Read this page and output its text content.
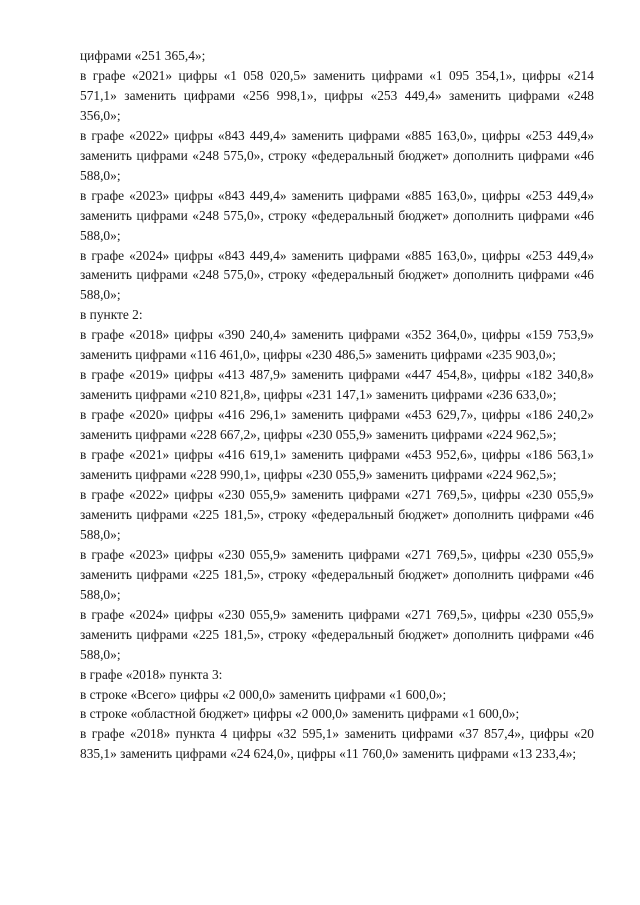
цифрами «251 365,4»;

в графе «2021» цифры «1 058 020,5» заменить цифрами «1 095 354,1», цифры «214 571,1» заменить цифрами «256 998,1», цифры «253 449,4» заменить цифрами «248 356,0»;

в графе «2022» цифры «843 449,4» заменить цифрами «885 163,0», цифры «253 449,4» заменить цифрами «248 575,0», строку «федеральный бюджет» дополнить цифрами «46 588,0»;

в графе «2023» цифры «843 449,4» заменить цифрами «885 163,0», цифры «253 449,4» заменить цифрами «248 575,0», строку «федеральный бюджет» дополнить цифрами «46 588,0»;

в графе «2024» цифры «843 449,4» заменить цифрами «885 163,0», цифры «253 449,4» заменить цифрами «248 575,0», строку «федеральный бюджет» дополнить цифрами «46 588,0»;

в пункте 2:

в графе «2018» цифры «390 240,4» заменить цифрами «352 364,0», цифры «159 753,9» заменить цифрами «116 461,0», цифры «230 486,5» заменить цифрами «235 903,0»;

в графе «2019» цифры «413 487,9» заменить цифрами «447 454,8», цифры «182 340,8» заменить цифрами «210 821,8», цифры «231 147,1» заменить цифрами «236 633,0»;

в графе «2020» цифры «416 296,1» заменить цифрами «453 629,7», цифры «186 240,2» заменить цифрами «228 667,2», цифры «230 055,9» заменить цифрами «224 962,5»;

в графе «2021» цифры «416 619,1» заменить цифрами «453 952,6», цифры «186 563,1» заменить цифрами «228 990,1», цифры «230 055,9» заменить цифрами «224 962,5»;

в графе «2022» цифры «230 055,9» заменить цифрами «271 769,5», цифры «230 055,9» заменить цифрами «225 181,5», строку «федеральный бюджет» дополнить цифрами «46 588,0»;

в графе «2023» цифры «230 055,9» заменить цифрами «271 769,5», цифры «230 055,9» заменить цифрами «225 181,5», строку «федеральный бюджет» дополнить цифрами «46 588,0»;

в графе «2024» цифры «230 055,9» заменить цифрами «271 769,5», цифры «230 055,9» заменить цифрами «225 181,5», строку «федеральный бюджет» дополнить цифрами «46 588,0»;

в графе «2018» пункта 3:

в строке «Всего» цифры «2 000,0» заменить цифрами «1 600,0»;

в строке «областной бюджет» цифры «2 000,0» заменить цифрами «1 600,0»;

в графе «2018» пункта 4 цифры «32 595,1» заменить цифрами «37 857,4», цифры «20 835,1» заменить цифрами «24 624,0», цифры «11 760,0» заменить цифрами «13 233,4»;
